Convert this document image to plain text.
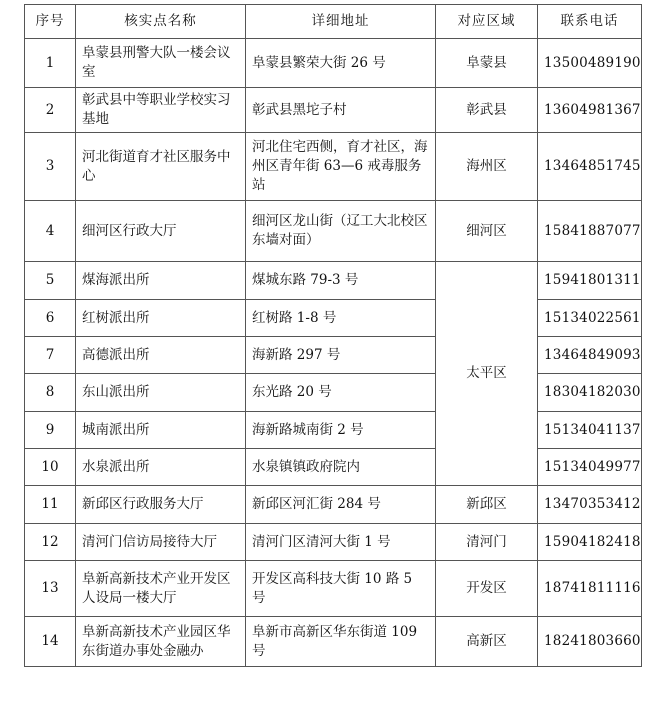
序号	核实点名称	详细地址	对应区域	联系电话
1	阜蒙县刑警大队一楼会议室	阜蒙县繁荣大街 26 号	阜蒙县	13500489190
2	彰武县中等职业学校实习基地	彰武县黑坨子村	彰武县	13604981367
3	河北街道育才社区服务中心	河北住宅西侧，育才社区，海州区青年街 63—6 戒毒服务站	海州区	13464851745
4	细河区行政大厅	细河区龙山街（辽工大北校区东墙对面）	细河区	15841887077
5	煤海派出所	煤城东路 79-3 号	太平区	15941801311
6	红树派出所	红树路 1-8 号		15134022561
7	高德派出所	海新路 297 号		13464849093
8	东山派出所	东光路 20 号		18304182030
9	城南派出所	海新路城南街 2 号		15134041137
10	水泉派出所	水泉镇镇政府院内		15134049977
11	新邱区行政服务大厅	新邱区河汇街 284 号	新邱区	13470353412
12	清河门信访局接待大厅	清河门区清河大街 1 号	清河门	15904182418
13	阜新高新技术产业开发区人设局一楼大厅	开发区高科技大街 10 路 5 号	开发区	18741811116
14	阜新高新技术产业园区华东街道办事处金融办	阜新市高新区华东街道 109 号	高新区	18241803660
